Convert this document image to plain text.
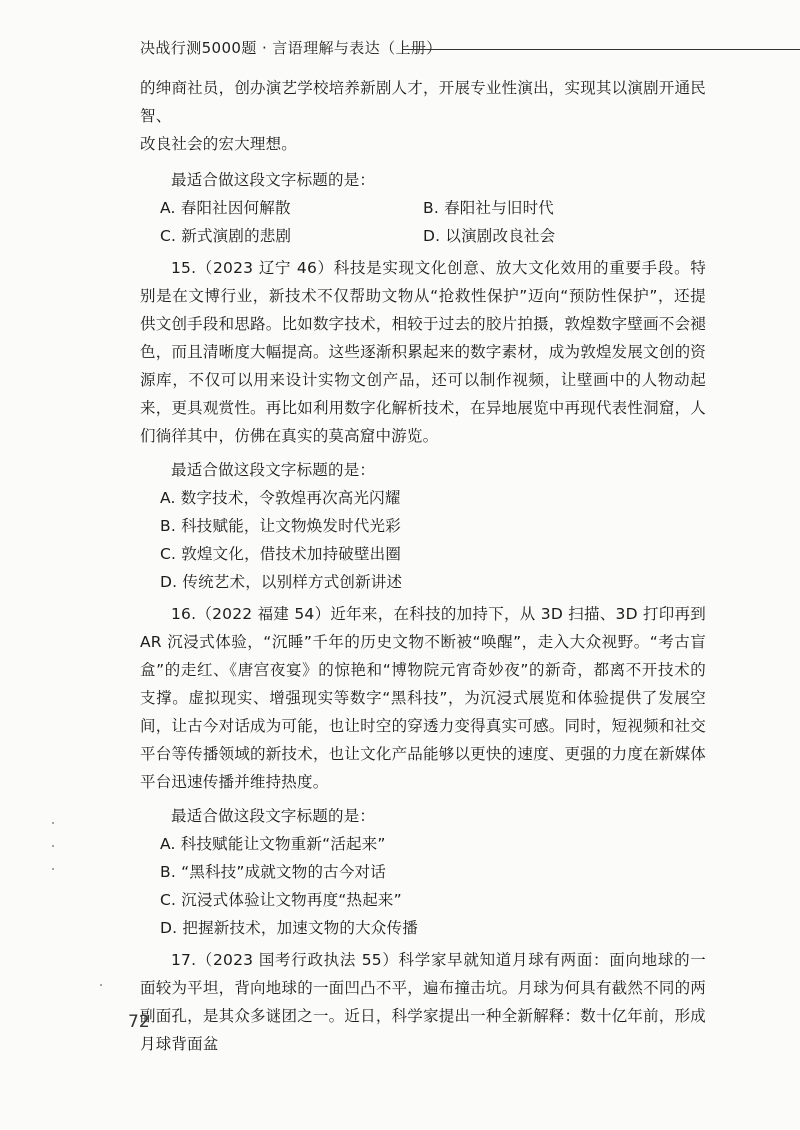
决战行测5000题 · 言语理解与表达（上册）

的绅商社员，创办演艺学校培养新剧人才，开展专业性演出，实现其以演剧开通民智、

改良社会的宏大理想。

最适合做这段文字标题的是：

A. 春阳社因何解散	B. 春阳社与旧时代
C. 新式演剧的悲剧	D. 以演剧改良社会

15.（2023 辽宁 46）科技是实现文化创意、放大文化效用的重要手段。特别是在文博行业，新技术不仅帮助文物从“抢救性保护”迈向“预防性保护”，还提供文创手段和思路。比如数字技术，相较于过去的胶片拍摄，敦煌数字壁画不会褪色，而且清晰度大幅提高。这些逐渐积累起来的数字素材，成为敦煌发展文创的资源库，不仅可以用来设计实物文创产品，还可以制作视频，让壁画中的人物动起来，更具观赏性。再比如利用数字化解析技术，在异地展览中再现代表性洞窟，人们徜徉其中，仿佛在真实的莫高窟中游览。

最适合做这段文字标题的是：

A. 数字技术，令敦煌再次高光闪耀

B. 科技赋能，让文物焕发时代光彩

C. 敦煌文化，借技术加持破壁出圈

D. 传统艺术，以别样方式创新讲述

16.（2022 福建 54）近年来，在科技的加持下，从 3D 扫描、3D 打印再到 AR 沉浸式体验，“沉睡”千年的历史文物不断被“唤醒”，走入大众视野。“考古盲盒”的走红、《唐宫夜宴》的惊艳和“博物院元宵奇妙夜”的新奇，都离不开技术的支撑。虚拟现实、增强现实等数字“黑科技”，为沉浸式展览和体验提供了发展空间，让古今对话成为可能，也让时空的穿透力变得真实可感。同时，短视频和社交平台等传播领域的新技术，也让文化产品能够以更快的速度、更强的力度在新媒体平台迅速传播并维持热度。

最适合做这段文字标题的是：

A. 科技赋能让文物重新“活起来”

B. “黑科技”成就文物的古今对话

C. 沉浸式体验让文物再度“热起来”

D. 把握新技术，加速文物的大众传播

17.（2023 国考行政执法 55）科学家早就知道月球有两面：面向地球的一面较为平坦，背向地球的一面凹凸不平，遍布撞击坑。月球为何具有截然不同的两副面孔，是其众多谜团之一。近日，科学家提出一种全新解释：数十亿年前，形成月球背面盆

72
